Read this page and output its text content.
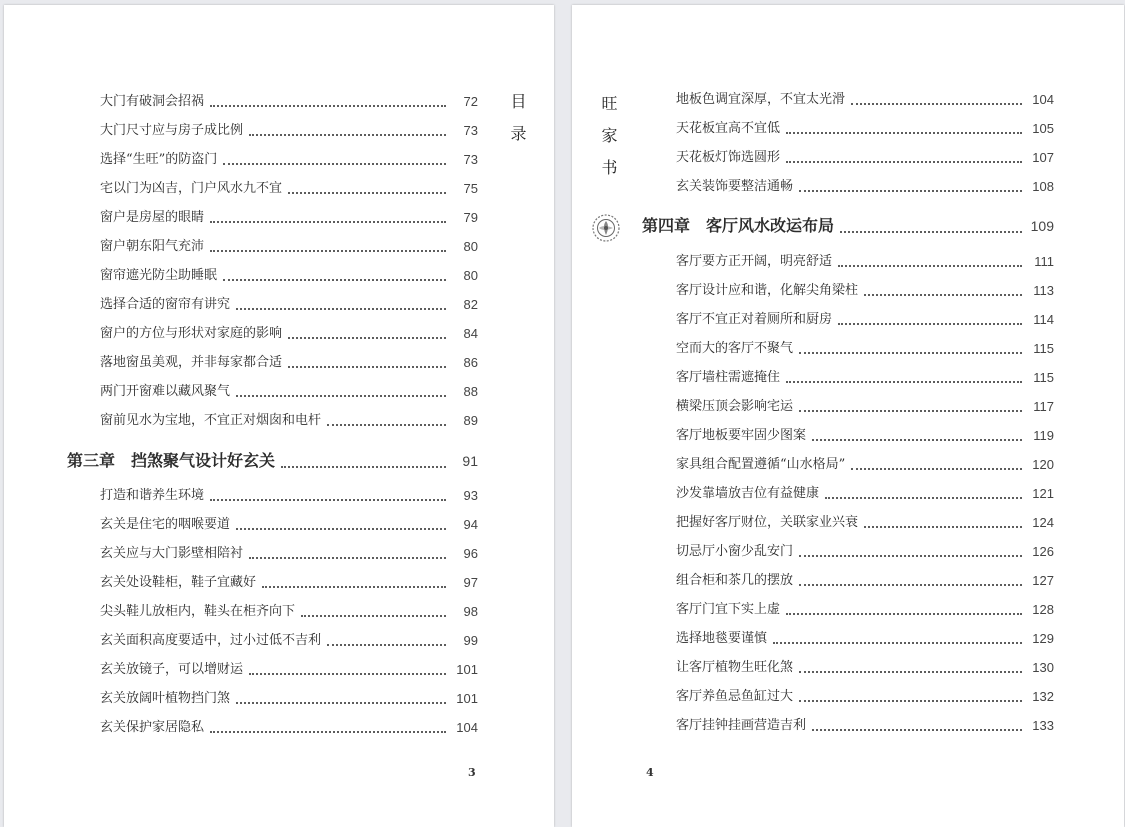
大门有破洞会招祸	72
大门尺寸应与房子成比例	73
选择“生旺”的防盗门	73
宅以门为凶吉，门户风水九不宜	75
窗户是房屋的眼睛	79
窗户朝东阳气充沛	80
窗帘遮光防尘助睡眠	80
选择合适的窗帘有讲究	82
窗户的方位与形状对家庭的影响	84
落地窗虽美观，并非每家都合适	86
两门开窗难以藏风聚气	88
窗前见水为宝地，不宜正对烟囱和电杆	89
第三章　挡煞聚气设计好玄关	91
打造和谐养生环境	93
玄关是住宅的咽喉要道	94
玄关应与大门影壁相陪衬	96
玄关处设鞋柜，鞋子宜藏好	97
尖头鞋儿放柜内，鞋头在柜齐向下	98
玄关面积高度要适中，过小过低不吉利	99
玄关放镜子，可以增财运	101
玄关放阔叶植物挡门煞	101
玄关保护家居隐私	104
目录
3
旺家书	地板色调宜深厚，不宜太光滑	104
天花板宜高不宜低	105
天花板灯饰选圆形	107
玄关装饰要整洁通畅	108
第四章　客厅风水改运布局	109
客厅要方正开阔，明亮舒适	111
客厅设计应和谐，化解尖角梁柱	113
客厅不宜正对着厕所和厨房	114
空而大的客厅不聚气	115
客厅墙柱需遮掩住	115
横梁压顶会影响宅运	117
客厅地板要牢固少图案	119
家具组合配置遵循“山水格局”	120
沙发靠墙放吉位有益健康	121
把握好客厅财位，关联家业兴衰	124
切忌厅小窗少乱安门	126
组合柜和茶几的摆放	127
客厅门宜下实上虚	128
选择地毯要谨慎	129
让客厅植物生旺化煞	130
客厅养鱼忌鱼缸过大	132
客厅挂钟挂画营造吉利	133
4
